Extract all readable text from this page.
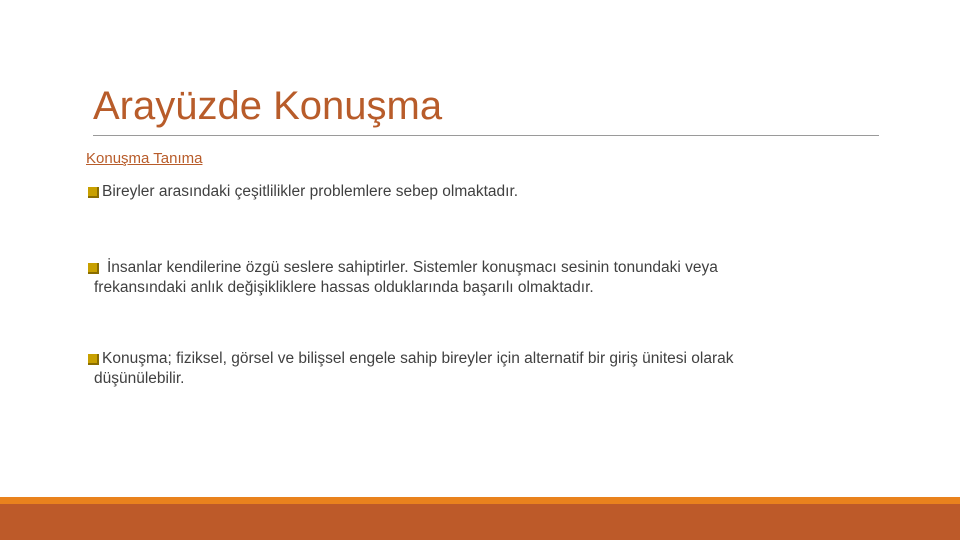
Arayüzde Konuşma
Konuşma Tanıma
Bireyler arasındaki çeşitlilikler problemlere sebep olmaktadır.
İnsanlar kendilerine özgü seslere sahiptirler. Sistemler konuşmacı sesinin tonundaki veya
frekansındaki anlık değişikliklere hassas olduklarında başarılı olmaktadır.
Konuşma; fiziksel, görsel ve bilişsel engele sahip bireyler için alternatif bir giriş ünitesi olarak
düşünülebilir.
